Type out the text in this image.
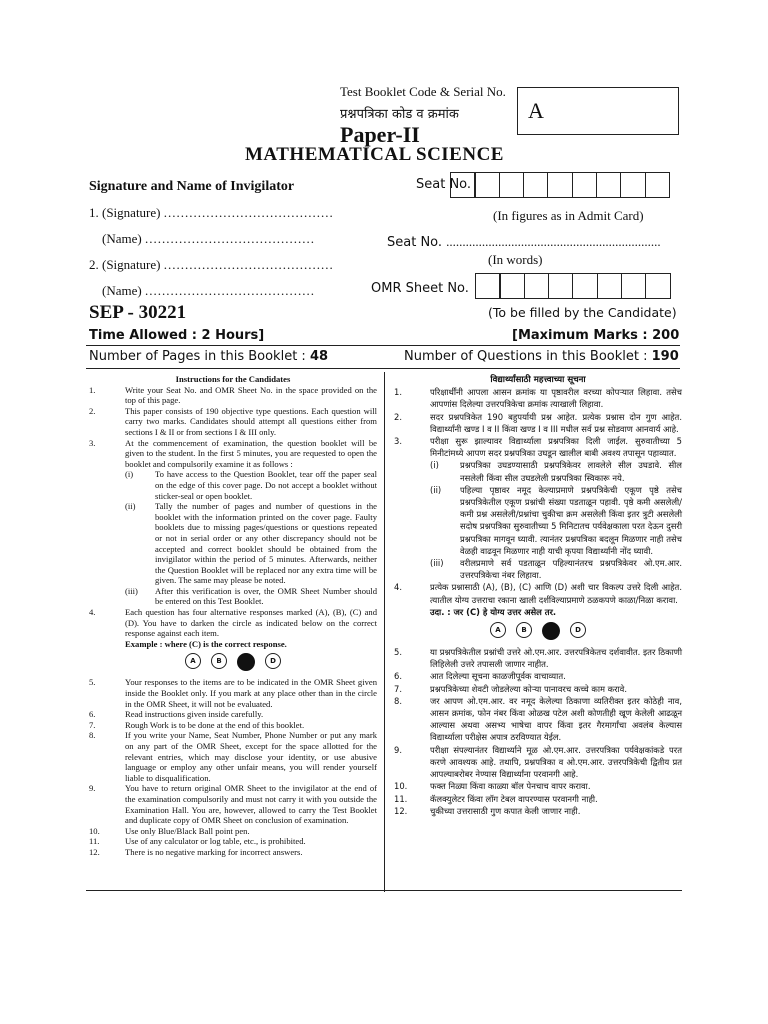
Test Booklet Code & Serial No.
प्रश्नपत्रिका कोड व क्रमांक	A
Paper-II
MATHEMATICAL SCIENCE
Signature and Name of Invigilator
1. (Signature) ........................................
(Name) ........................................
2. (Signature) ........................................
(Name) ........................................
Seat No.
(In figures as in Admit Card)
Seat No. ..................................................................
(In words)
OMR Sheet No.
(To be filled by the Candidate)
SEP - 30221
Time Allowed : 2 Hours]	[Maximum Marks : 200
Number of Pages in this Booklet : 48	Number of Questions in this Booklet : 190
Instructions for the Candidates
1.	Write your Seat No. and OMR Sheet No. in the space provided on the top of this page.
2.	This paper consists of 190 objective type questions. Each question will carry two marks. Candidates should attempt all questions either from sections I & II or from sections I & III only.
3.	At the commencement of examination, the question booklet will be given to the student. In the first 5 minutes, you are requested to open the booklet and compulsorily examine it as follows :
(i)	To have access to the Question Booklet, tear off the paper seal on the edge of this cover page. Do not accept a booklet without sticker-seal or open booklet.
(ii)	Tally the number of pages and number of questions in the booklet with the information printed on the cover page. Faulty booklets due to missing pages/questions or questions repeated or not in serial order or any other discrepancy should not be accepted and correct booklet should be obtained from the invigilator within the period of 5 minutes. Afterwards, neither the Question Booklet will be replaced nor any extra time will be given. The same may please be noted.
(iii)	After this verification is over, the OMR Sheet Number should be entered on this Test Booklet.
4.	Each question has four alternative responses marked (A), (B), (C) and (D). You have to darken the circle as indicated below on the correct response against each item.
Example : where (C) is the correct response.
A	B	D
5.	Your responses to the items are to be indicated in the OMR Sheet given inside the Booklet only. If you mark at any place other than in the circle in the OMR Sheet, it will not be evaluated.
6.	Read instructions given inside carefully.
7.	Rough Work is to be done at the end of this booklet.
8.	If you write your Name, Seat Number, Phone Number or put any mark on any part of the OMR Sheet, except for the space allotted for the relevant entries, which may disclose your identity, or use abusive language or employ any other unfair means, you will render yourself liable to disqualification.
9.	You have to return original OMR Sheet to the invigilator at the end of the examination compulsorily and must not carry it with you outside the Examination Hall. You are, however, allowed to carry the Test Booklet and duplicate copy of OMR Sheet on conclusion of examination.
10.	Use only Blue/Black Ball point pen.
11.	Use of any calculator or log table, etc., is prohibited.
12.	There is no negative marking for incorrect answers.
विद्यार्थ्यांसाठी महत्त्वाच्या सूचना
1.	परिक्षार्थींनी आपला आसन क्रमांक या पृष्ठावरील वरच्या कोपऱ्यात लिहावा. तसेच आपणांस दिलेल्या उत्तरपत्रिकेचा क्रमांक त्याखाली लिहावा.
2.	सदर प्रश्नपत्रिकेत 190 बहुपर्यायी प्रश्न आहेत. प्रत्येक प्रश्नास दोन गुण आहेत. विद्यार्थ्यांनी खण्ड I व II किंवा खण्ड I व III मधील सर्व प्रश्न सोडवाण आनवार्य आहे.
3.	परीक्षा सुरू झाल्यावर विद्यार्थ्याला प्रश्नपत्रिका दिली जाईल. सुरुवातीच्या 5 मिनीटांमध्ये आपण सदर प्रश्नपत्रिका उघडून खालील बाबी अवश्य तपासून पहाव्यात.
(i)	प्रश्नपत्रिका उघडण्यासाठी प्रश्नपत्रिकेवर लावलेले सील उघडावे. सील नसलेली किंवा सील उघडलेली प्रश्नपत्रिका स्विकारू नये.
(ii)	पहिल्या पृष्ठावर नमूद केल्याप्रमाणे प्रश्नपत्रिकेची एकूण पृष्ठे तसेच प्रश्नपत्रिकेतील एकूण प्रश्नांची संख्या पडताळून पहावी. पृष्ठे कमी असलेली/कमी प्रश्न असलेली/प्रश्नांचा चुकीचा क्रम असलेली किंवा इतर त्रुटी असलेली सदोष प्रश्नपत्रिका सुरुवातीच्या 5 मिनिटातच पर्यवेक्षकाला परत देऊन दुसरी प्रश्नपत्रिका मागवून घ्यावी. त्यानंतर प्रश्नपत्रिका बदलून मिळणार नाही तसेच वेळही वाढवून मिळणार नाही याची कृपया विद्यार्थ्यांनी नोंद घ्यावी.
(iii)	वरीलप्रमाणे सर्व पडताळून पहिल्यानंतरच प्रश्नपत्रिकेवर ओ.एम.आर. उत्तरपत्रिकेचा नंबर लिहावा.
4.	प्रत्येक प्रश्नासाठी (A), (B), (C) आणि (D) अशी चार विकल्प उत्तरे दिली आहेत. त्यातील योग्य उत्तराचा रकाना खाली दर्शविल्याप्रमाणे ठळकपणे काळा/निळा करावा.
उदा. : जर (C) हे योग्य उत्तर असेल तर.
A	B	D
5.	या प्रश्नपत्रिकेतील प्रश्नांची उत्तरे ओ.एम.आर. उत्तरपत्रिकेतच दर्शवावीत. इतर ठिकाणी लिहिलेली उत्तरे तपासली जाणार नाहीत.
6.	आत दिलेल्या सूचना काळजीपूर्वक वाचाव्यात.
7.	प्रश्नपत्रिकेच्या शेवटी जोडलेल्या कोऱ्या पानावरच कच्चे काम करावे.
8.	जर आपण ओ.एम.आर. वर नमूद केलेल्या ठिकाणा व्यतिरीक्त इतर कोठेही नाव, आसन क्रमांक, फोन नंबर किंवा ओळख पटेल अशी कोणतीही खूण केलेली आढळून आल्यास अथवा असभ्य भाषेचा वापर किंवा इतर गैरमार्गांचा अवलंब केल्यास विद्यार्थ्याला परीक्षेस अपात्र ठरविण्यात येईल.
9.	परीक्षा संपल्यानंतर विद्यार्थ्याने मूळ ओ.एम.आर. उत्तरपत्रिका पर्यवेक्षकांकडे परत करणे आवश्यक आहे. तथापि, प्रश्नपत्रिका व ओ.एम.आर. उत्तरपत्रिकेची द्वितीय प्रत आपल्याबरोबर नेण्यास विद्यार्थ्यांना परवानगी आहे.
10.	फक्त निळ्या किंवा काळ्या बॉल पेनचाच वापर करावा.
11.	कॅलक्युलेटर किंवा लॉग टेबल वापरण्यास परवानगी नाही.
12.	चुकीच्या उत्तरासाठी गुण कपात केली जाणार नाही.
